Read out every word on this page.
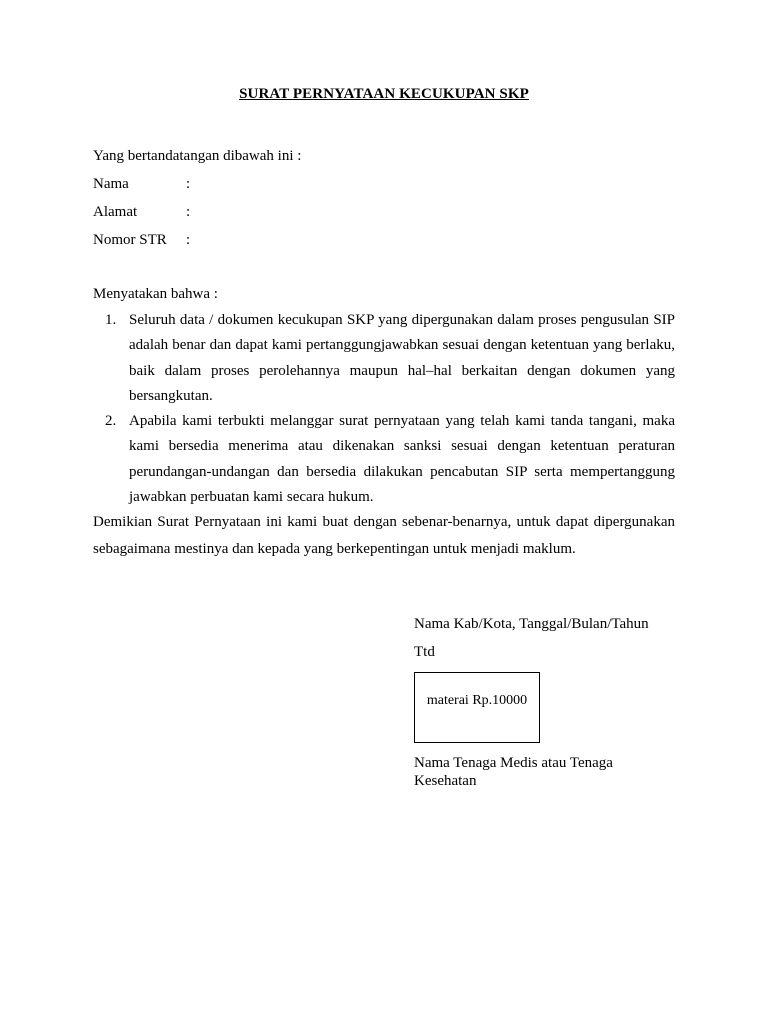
SURAT PERNYATAAN KECUKUPAN SKP
Yang bertandatangan dibawah ini :
Nama	:
Alamat	:
Nomor STR :
Menyatakan bahwa :
1. Seluruh data / dokumen kecukupan SKP yang dipergunakan dalam proses pengusulan SIP adalah benar dan dapat kami pertanggungjawabkan sesuai dengan ketentuan yang berlaku, baik dalam proses perolehannya maupun hal–hal berkaitan dengan dokumen yang bersangkutan.
2. Apabila kami terbukti melanggar surat pernyataan yang telah kami tanda tangani, maka kami bersedia menerima atau dikenakan sanksi sesuai dengan ketentuan peraturan perundangan-undangan dan bersedia dilakukan pencabutan SIP serta mempertanggung jawabkan perbuatan kami secara hukum.
Demikian Surat Pernyataan ini kami buat dengan sebenar-benarnya, untuk dapat dipergunakan sebagaimana mestinya dan kepada yang berkepentingan untuk menjadi maklum.
Nama Kab/Kota, Tanggal/Bulan/Tahun
Ttd
materai Rp.10000
Nama Tenaga Medis atau Tenaga Kesehatan
